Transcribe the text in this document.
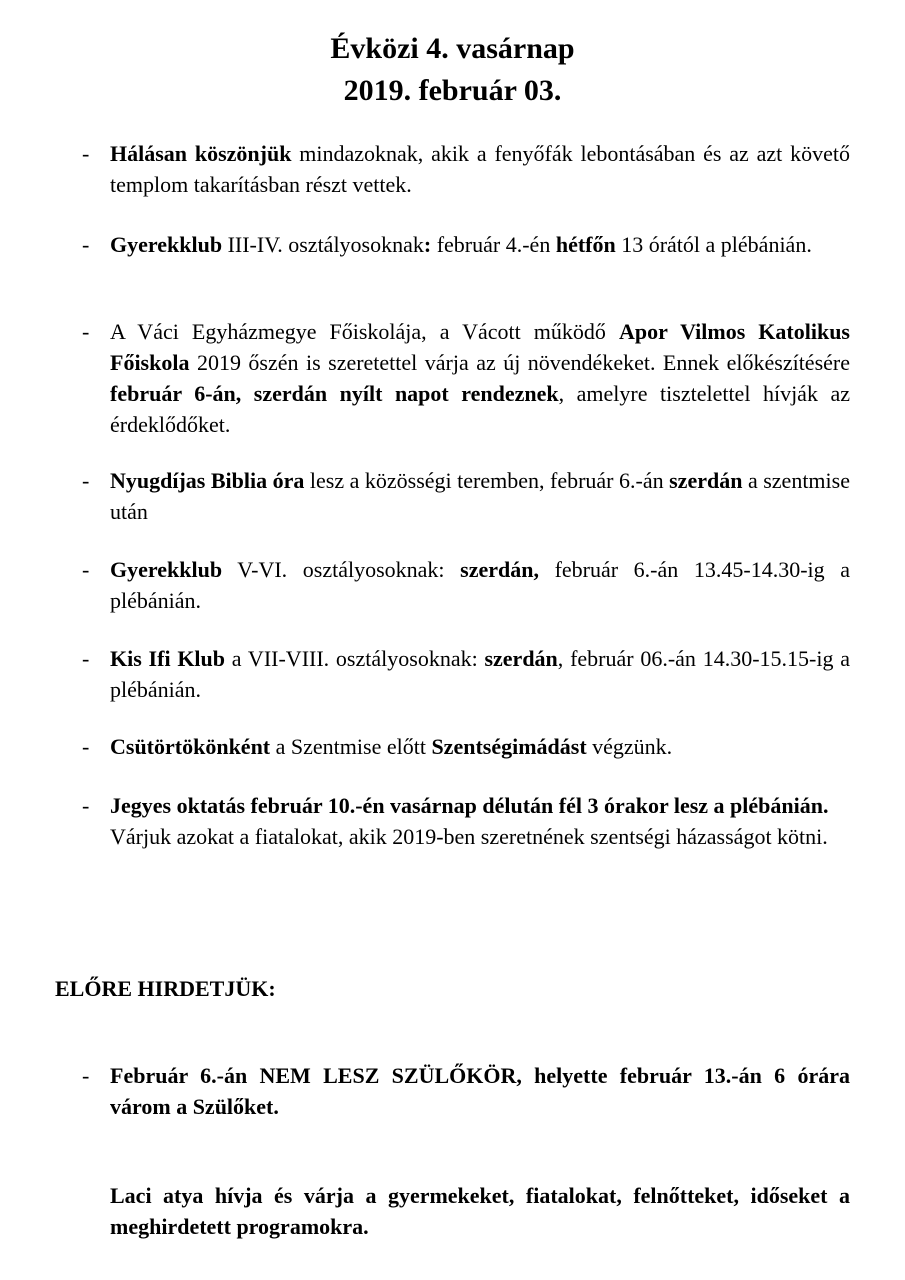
Évközi 4. vasárnap
2019. február 03.
- Hálásan köszönjük mindazoknak, akik a fenyőfák lebontásában és az azt követő templom takarításban részt vettek.
- Gyerekklub III-IV. osztályosoknak: február 4.-én hétfőn 13 órától a plébánián.
- A Váci Egyházmegye Főiskolája, a Vácott működő Apor Vilmos Katolikus Főiskola 2019 őszén is szeretettel várja az új növendékeket. Ennek előkészítésére február 6-án, szerdán nyílt napot rendeznek, amelyre tisztelettel hívják az érdeklődőket.
- Nyugdíjas Biblia óra lesz a közösségi teremben, február 6.-án szerdán a szentmise után
- Gyerekklub V-VI. osztályosoknak: szerdán, február 6.-án 13.45-14.30-ig a plébánián.
- Kis Ifi Klub a VII-VIII. osztályosoknak: szerdán, február 06.-án 14.30-15.15-ig a plébánián.
- Csütörtökönként a Szentmise előtt Szentségimádást végzünk.
- Jegyes oktatás február 10.-én vasárnap délután fél 3 órakor lesz a plébánián.
Várjuk azokat a fiatalokat, akik 2019-ben szeretnének szentségi házasságot kötni.
ELŐRE HIRDETJÜK:
- Február 6.-án NEM LESZ SZÜLŐKÖR, helyette február 13.-án 6 órára várom a Szülőket.
Laci atya hívja és várja a gyermekeket, fiatalokat, felnőtteket, időseket a meghirdetett programokra.
